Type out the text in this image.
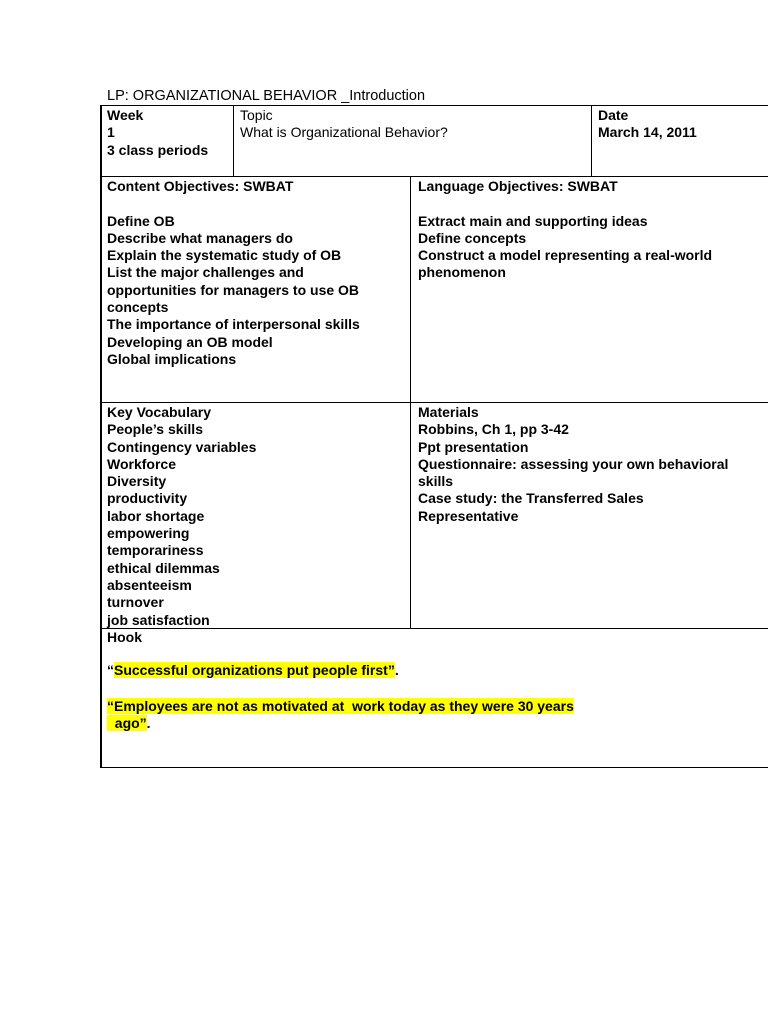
LP: ORGANIZATIONAL BEHAVIOR _Introduction
Week
1
3 class periods
Topic
What is Organizational Behavior?
Date
March 14, 2011
Content Objectives: SWBAT
Define OB
Describe what managers do
Explain the systematic study of OB
List the major challenges and
opportunities for managers to use OB
concepts
The importance of interpersonal skills
Developing an OB model
Global implications
Language Objectives: SWBAT
Extract main and supporting ideas
Define concepts
Construct a model representing a real-world
phenomenon
Key Vocabulary
People’s skills
Contingency variables
Workforce
Diversity
productivity
labor shortage
empowering
temporariness
ethical dilemmas
absenteeism
turnover
job satisfaction
Materials
Robbins, Ch 1, pp 3-42
Ppt presentation
Questionnaire: assessing your own behavioral
skills
Case study: the Transferred Sales
Representative
Hook
“Successful organizations put people first”.
“Employees are not as motivated at  work today as they were 30 years
ago”.
